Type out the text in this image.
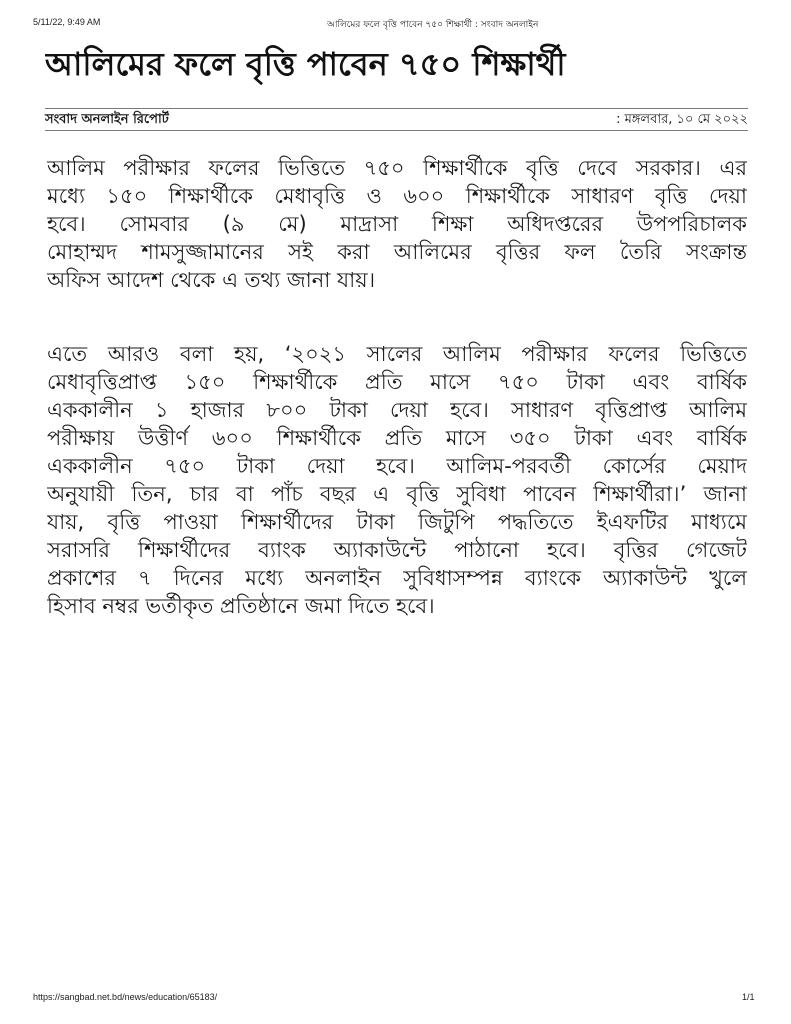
5/11/22, 9:49 AM	আলিমের ফলে বৃত্তি পাবেন ৭৫০ শিক্ষার্থী : সংবাদ অনলাইন
আলিমের ফলে বৃত্তি পাবেন ৭৫০ শিক্ষার্থী
সংবাদ অনলাইন রিপোর্ট	: মঙ্গলবার, ১০ মে ২০২২
আলিম পরীক্ষার ফলের ভিত্তিতে ৭৫০ শিক্ষার্থীকে বৃত্তি দেবে সরকার। এর
মধ্যে ১৫০ শিক্ষার্থীকে মেধাবৃত্তি ও ৬০০ শিক্ষার্থীকে সাধারণ বৃত্তি দেয়া
হবে। সোমবার (৯ মে) মাদ্রাসা শিক্ষা অধিদপ্তরের উপপরিচালক
মোহাম্মদ শামসুজ্জামানের সই করা আলিমের বৃত্তির ফল তৈরি সংক্রান্ত
অফিস আদেশ থেকে এ তথ্য জানা যায়।
এতে আরও বলা হয়, ‘২০২১ সালের আলিম পরীক্ষার ফলের ভিত্তিতে
মেধাবৃত্তিপ্রাপ্ত ১৫০ শিক্ষার্থীকে প্রতি মাসে ৭৫০ টাকা এবং বার্ষিক
এককালীন ১ হাজার ৮০০ টাকা দেয়া হবে। সাধারণ বৃত্তিপ্রাপ্ত আলিম
পরীক্ষায় উত্তীর্ণ ৬০০ শিক্ষার্থীকে প্রতি মাসে ৩৫০ টাকা এবং বার্ষিক
এককালীন ৭৫০ টাকা দেয়া হবে। আলিম-পরবর্তী কোর্সের মেয়াদ
অনুযায়ী তিন, চার বা পাঁচ বছর এ বৃত্তি সুবিধা পাবেন শিক্ষার্থীরা।’ জানা
যায়, বৃত্তি পাওয়া শিক্ষার্থীদের টাকা জিটুপি পদ্ধতিতে ইএফটির মাধ্যমে
সরাসরি শিক্ষার্থীদের ব্যাংক অ্যাকাউন্টে পাঠানো হবে। বৃত্তির গেজেট
প্রকাশের ৭ দিনের মধ্যে অনলাইন সুবিধাসম্পন্ন ব্যাংকে অ্যাকাউন্ট খুলে
হিসাব নম্বর ভর্তীকৃত প্রতিষ্ঠানে জমা দিতে হবে।
https://sangbad.net.bd/news/education/65183/	1/1
